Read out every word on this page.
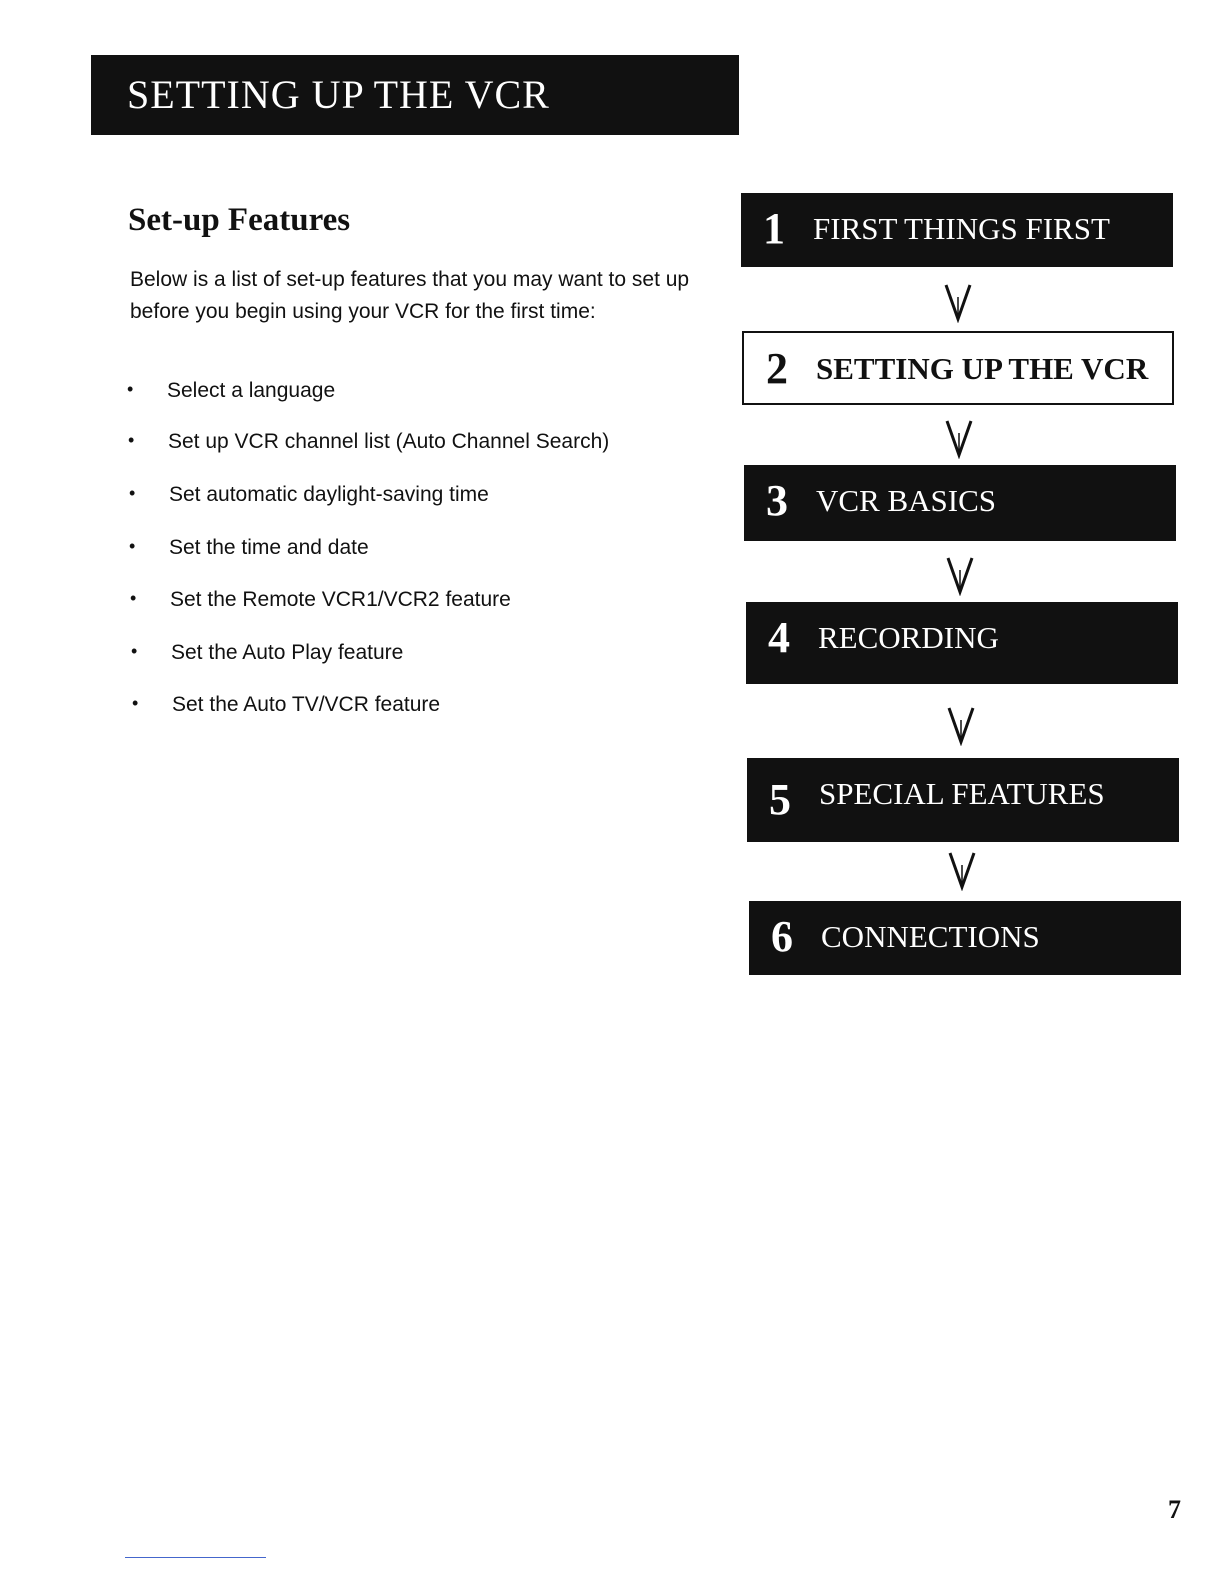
SETTING UP THE VCR
Set-up Features
Below is a list of set-up features that you may want to set up before you begin using your VCR for the first time:
• Select a language
• Set up VCR channel list (Auto Channel Search)
• Set automatic daylight-saving time
• Set the time and date
• Set the Remote VCR1/VCR2 feature
• Set the Auto Play feature
• Set the Auto TV/VCR feature
1 FIRST THINGS FIRST
2 SETTING UP THE VCR
3 VCR BASICS
4 RECORDING
5 SPECIAL FEATURES
6 CONNECTIONS
7
